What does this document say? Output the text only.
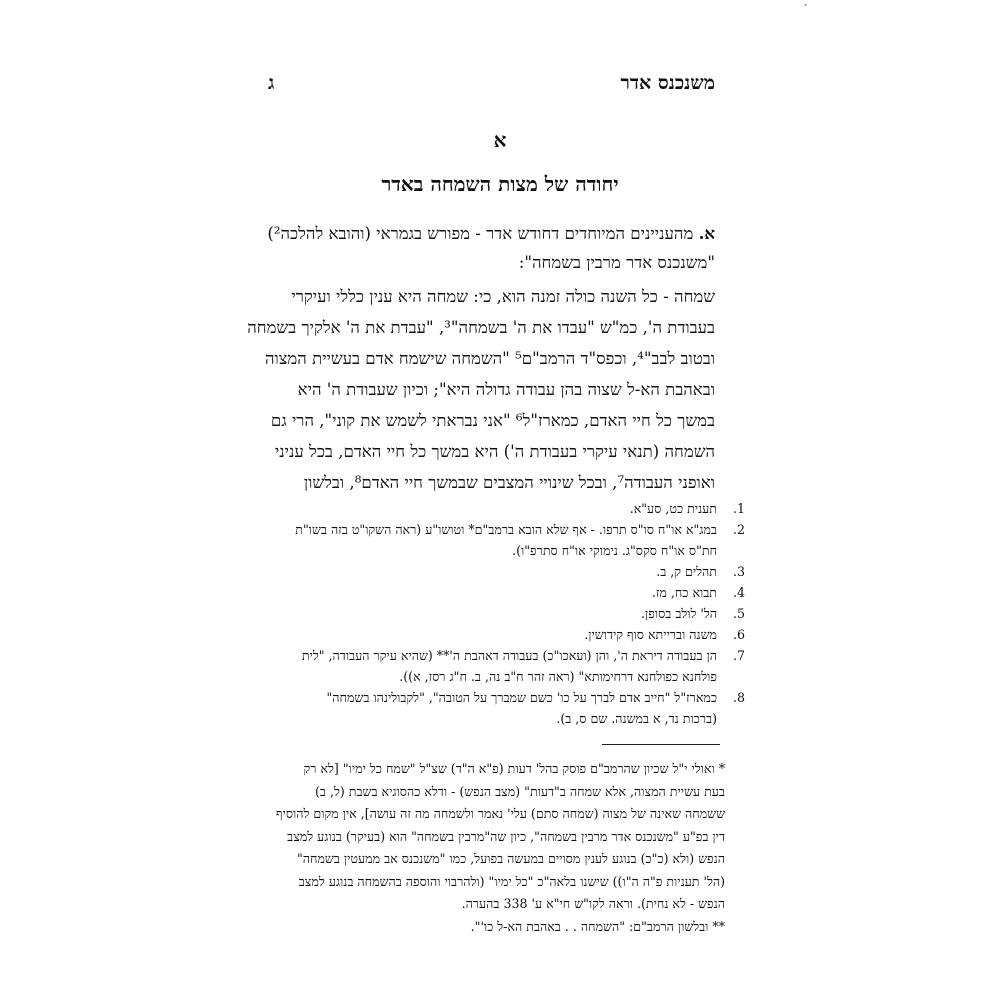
׳
משנכנס אדר
ג
א
יחודה של מצות השמחה באדר
א. מהעניינים המיוחדים דחודש אדר - מפורש בגמראי (והובא להלכה²)
"משנכנס אדר מרבין בשמחה":
שמחה - כל השנה כולה זמנה הוא, כי: שמחה היא ענין כללי ועיקרי
בעבודת ה', כמ"ש "עבדו את ה' בשמחה"³, "עבדת את ה' אלקיך בשמחה
ובטוב לבב"⁴, וכפס"ד הרמב"ם⁵ "השמחה שישמח אדם בעשיית המצוה
ובאהבת הא-ל שצוה בהן עבודה גדולה היא"; וכיון שעבודת ה' היא
במשך כל חיי האדם, כמארז"ל⁶ "אני נבראתי לשמש את קוני", הרי גם
השמחה (תנאי עיקרי בעבודת ה') היא במשך כל חיי האדם, בכל עניני
ואופני העבודה⁷, ובכל שינויי המצבים שבמשך חיי האדם⁸, ובלשון
1.
תענית כט, סע"א.
2.
במג"א או"ח סו"ס תרפו. - אף שלא הובא ברמב"ם* וטושו"ע (ראה השקו"ט בזה בשו"ת
חת"ס או"ח סקס"ג. נימוקי או"ח סתרפ"ו).
3.
תהלים ק, ב.
4.
תבוא כח, מז.
5.
הל' לולב בסופן.
6.
משנה וברייתא סוף קידושין.
7.
הן בעבודה דיראת ה', והן (ועאכו"כ) בעבודה דאהבת ה'** (שהיא עיקר העבודה, "לית
פולחנא כפולחנא דרחימותא" (ראה זהר ח"ב נה, ב. ח"ג רסז, א)).
8.
כמארז"ל "חייב אדם לברך על כו' כשם שמברך על הטובה", "לקבולינהו בשמחה"
(ברכות נד, א במשנה. שם ס, ב).
* ואולי י"ל שכיון שהרמב"ם פוסק בהל' דעות (פ"א ה"ד) שצ"ל "שמח כל ימיו" [לא רק
בעת עשיית המצוה, אלא שמחה ב"דעות" (מצב הנפש) - ודלא כהסוגיא בשבת (ל, ב)
ששמחה שאינה של מצוה (שמחה סתם) עלי' נאמר ולשמחה מה זה עושה], אין מקום להוסיף
דין בפ"ע "משנכנס אדר מרבין בשמחה", כיון שה"מרבין בשמחה" הוא (בעיקר) בנוגע למצב
הנפש (ולא (כ"כ) בנוגע לענין מסויים במעשה בפועל, כמו "משנכנס אב ממעטין בשמחה"
(הל' תעניות פ"ה ה"ו)) שישנו בלאה"כ "כל ימיו" (ולהרבוי והוספה בהשמחה בנוגע למצב
הנפש - לא נחית). וראה לקו"ש חי"א ע' 338 בהערה.
** ובלשון הרמב"ם: "השמחה . . באהבת הא-ל כו'".
